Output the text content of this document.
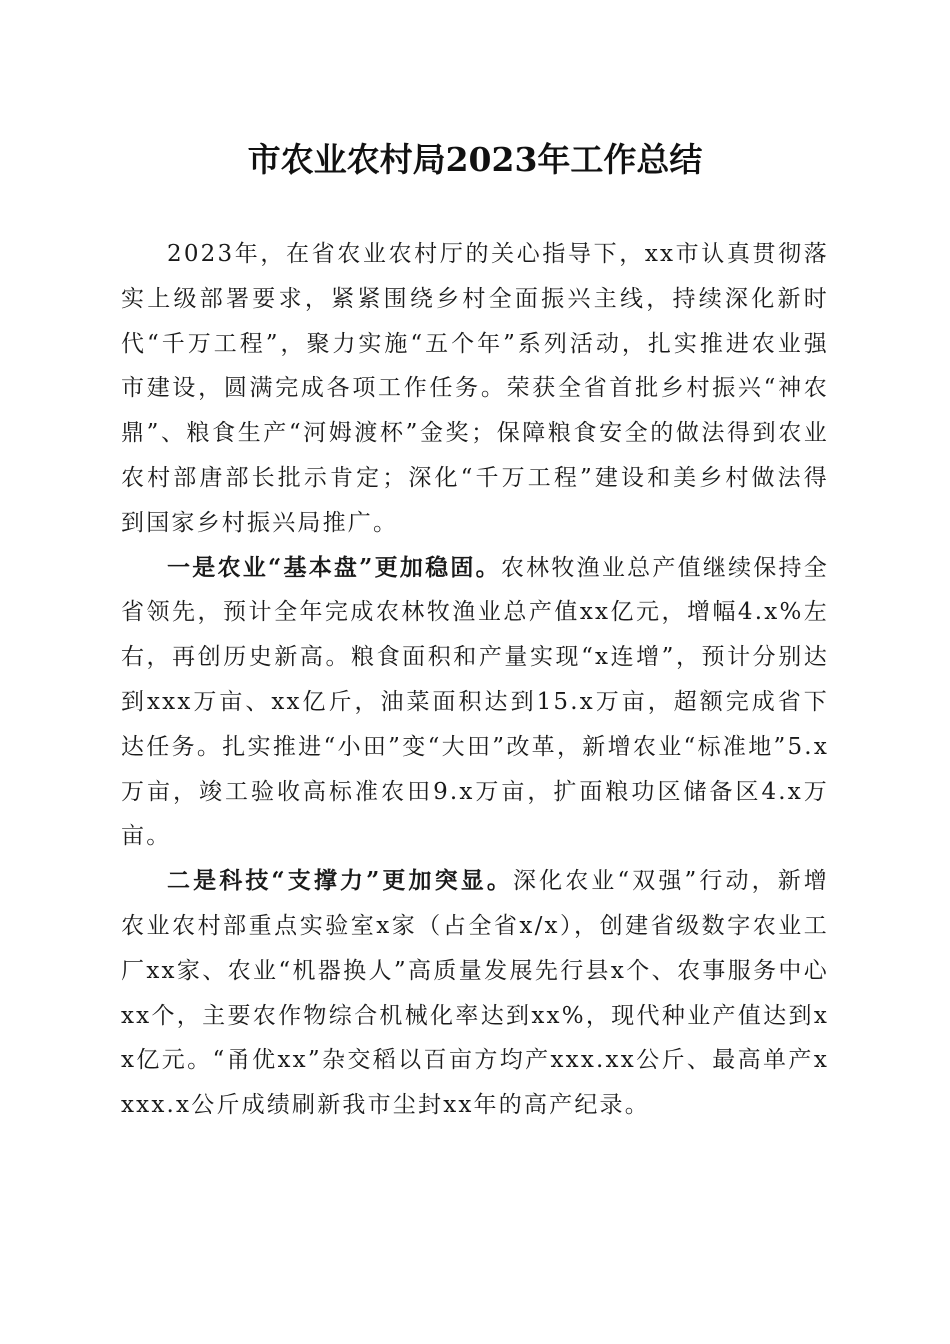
市农业农村局2023年工作总结

2023年，在省农业农村厅的关心指导下，xx市认真贯彻落实上级部署要求，紧紧围绕乡村全面振兴主线，持续深化新时代“千万工程”，聚力实施“五个年”系列活动，扎实推进农业强市建设，圆满完成各项工作任务。荣获全省首批乡村振兴“神农鼎”、粮食生产“河姆渡杯”金奖；保障粮食安全的做法得到农业农村部唐部长批示肯定；深化“千万工程”建设和美乡村做法得到国家乡村振兴局推广。

一是农业“基本盘”更加稳固。农林牧渔业总产值继续保持全省领先，预计全年完成农林牧渔业总产值xx亿元，增幅4.x%左右，再创历史新高。粮食面积和产量实现“x连增”，预计分别达到xxx万亩、xx亿斤，油菜面积达到15.x万亩，超额完成省下达任务。扎实推进“小田”变“大田”改革，新增农业“标准地”5.x万亩，竣工验收高标准农田9.x万亩，扩面粮功区储备区4.x万亩。

二是科技“支撑力”更加突显。深化农业“双强”行动，新增农业农村部重点实验室x家（占全省x/x），创建省级数字农业工厂xx家、农业“机器换人”高质量发展先行县x个、农事服务中心xx个，主要农作物综合机械化率达到xx%，现代种业产值达到xx亿元。“甬优xx”杂交稻以百亩方均产xxx.xx公斤、最高单产xxxx.x公斤成绩刷新我市尘封xx年的高产纪录。
